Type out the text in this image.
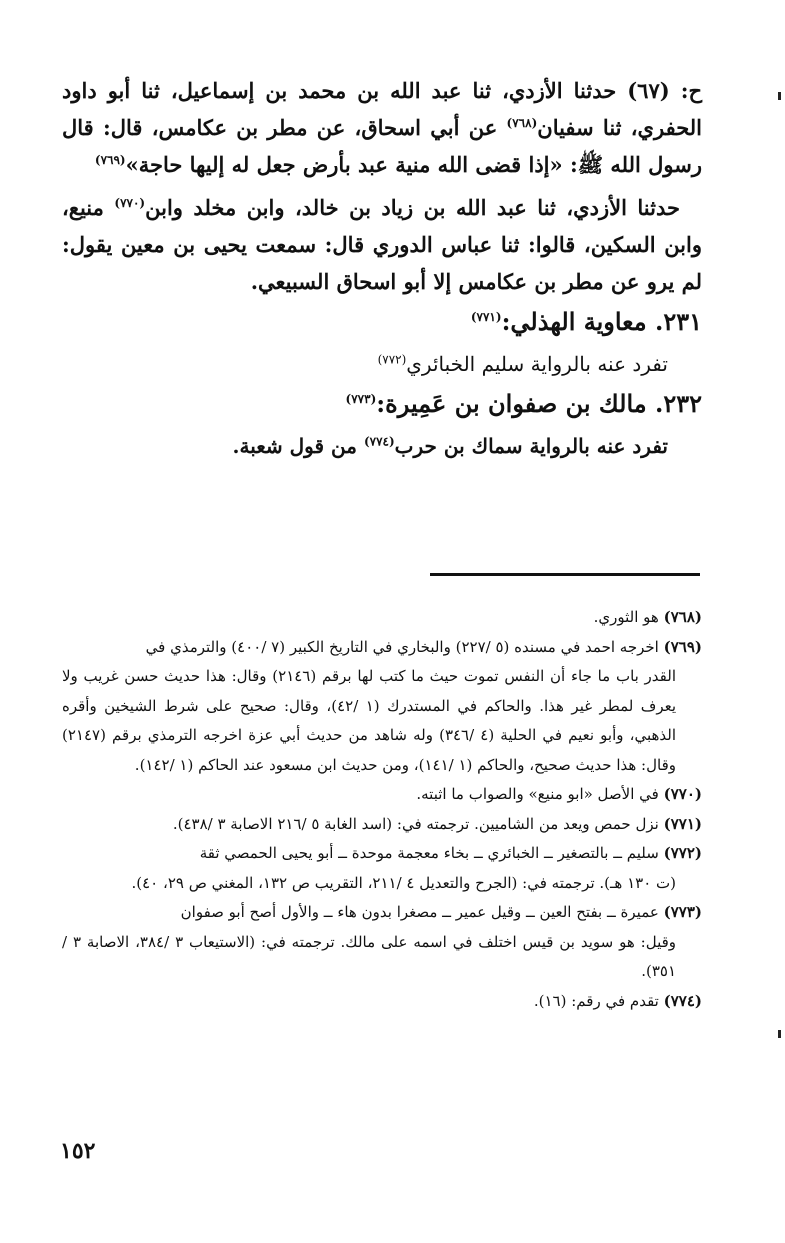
ح: (٦٧) حدثنا الأزدي، ثنا عبد الله بن محمد بن إسماعيل، ثنا أبو داود الحفري، ثنا سفيان$^{(٧٦٨)}$ عن أبي اسحاق، عن مطر بن عكامس، قال: قال رسول الله ﷺ: «إذا قضى الله منية عبد بأرض جعل له إليها حاجة»$^{(٧٦٩)}$

حدثنا الأزدي، ثنا عبد الله بن زياد بن خالد، وابن مخلد وابن$^{(٧٧٠)}$ منيع، وابن السكين، قالوا: ثنا عباس الدوري قال: سمعت يحيى بن معين يقول: لم يرو عن مطر بن عكامس إلا أبو اسحاق السبيعي.

٢٣١. معاوية الهذلي:$^{(٧٧١)}$
تفرد عنه بالرواية سليم الخبائري$^{(٧٧٢)}$
٢٣٢. مالك بن صفوان بن عَمِيرة:$^{(٧٧٣)}$
تفرد عنه بالرواية سماك بن حرب$^{(٧٧٤)}$ من قول شعبة.

(٧٦٨) هو الثوري.

(٧٦٩) اخرجه احمد في مسنده (٥ /٢٢٧) والبخاري في التاريخ الكبير (٧ /٤٠٠) والترمذي في
القدر باب ما جاء أن النفس تموت حيث ما كتب لها برقم (٢١٤٦) وقال: هذا حديث حسن غريب ولا يعرف لمطر غير هذا. والحاكم في المستدرك (١ /٤٢)، وقال: صحيح على شرط الشيخين وأقره الذهبي، وأبو نعيم في الحلية (٤ /٣٤٦) وله شاهد من حديث أبي عزة اخرجه الترمذي برقم (٢١٤٧) وقال: هذا حديث صحيح، والحاكم (١ /١٤١)، ومن حديث ابن مسعود عند الحاكم (١ /١٤٢).

(٧٧٠) في الأصل «ابو منيع» والصواب ما اثبته.

(٧٧١) نزل حمص ويعد من الشاميين. ترجمته في: (اسد الغابة ٥ /٢١٦ الاصابة ٣ /٤٣٨).

(٧٧٢) سليم ــ بالتصغير ــ الخبائري ــ بخاء معجمة موحدة ــ أبو يحيى الحمصي ثقة
(ت ١٣٠ هـ). ترجمته في: (الجرح والتعديل ٤ /٢١١، التقريب ص ١٣٢، المغني ص ٢٩، ٤٠).

(٧٧٣) عميرة ــ بفتح العين ــ وقيل عمير ــ مصغرا بدون هاء ــ والأول أصح أبو صفوان
وقيل: هو سويد بن قيس اختلف في اسمه على مالك. ترجمته في: (الاستيعاب ٣ /٣٨٤، الاصابة ٣ /٣٥١).

(٧٧٤) تقدم في رقم: (١٦).

١٥٢
